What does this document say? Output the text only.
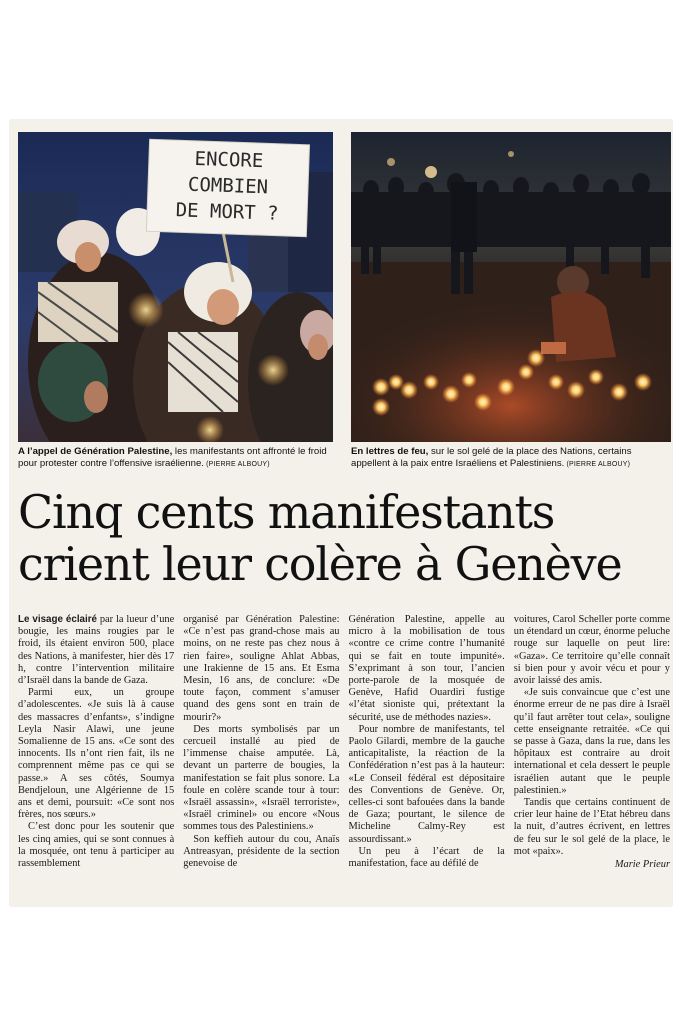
ENCORE
COMBIEN
DE MORT ?
A l’appel de Génération Palestine, les manifestants ont affronté le froid pour protester contre l’offensive israélienne. (PIERRE ALBOUY)
En lettres de feu, sur le sol gelé de la place des Nations, certains appellent à la paix entre Israéliens et Palestiniens. (PIERRE ALBOUY)
Cinq cents manifestants
crient leur colère à Genève

Le visage éclairé par la lueur d’une bougie, les mains rougies par le froid, ils étaient environ 500, place des Nations, à manifester, hier dès 17 h, contre l’intervention militaire d’Israël dans la bande de Gaza.

Parmi eux, un groupe d’adolescentes. «Je suis là à cause des massacres d’enfants», s’indigne Leyla Nasir Alawi, une jeune Somalienne de 15 ans. «Ce sont des innocents. Ils n’ont rien fait, ils ne comprennent même pas ce qui se passe.» A ses côtés, Soumya Bendjeloun, une Algérienne de 15 ans et demi, poursuit: «Ce sont nos frères, nos sœurs.»

C’est donc pour les soutenir que les cinq amies, qui se sont connues à la mosquée, ont tenu à participer au rassemblement

organisé par Génération Palestine: «Ce n’est pas grand-chose mais au moins, on ne reste pas chez nous à rien faire», souligne Ahlat Abbas, une Irakienne de 15 ans. Et Esma Mesin, 16 ans, de conclure: «De toute façon, comment s’amuser quand des gens sont en train de mourir?»

Des morts symbolisés par un cercueil installé au pied de l’immense chaise amputée. Là, devant un parterre de bougies, la manifestation se fait plus sonore. La foule en colère scande tour à tour: «Israël assassin», «Israël terroriste», «Israël criminel» ou encore «Nous sommes tous des Palestiniens.»

Son keffieh autour du cou, Anaïs Antreasyan, présidente de la section genevoise de

Génération Palestine, appelle au micro à la mobilisation de tous «contre ce crime contre l’humanité qui se fait en toute impunité». S’exprimant à son tour, l’ancien porte-parole de la mosquée de Genève, Hafid Ouardiri fustige «l’état sioniste qui, prétextant la sécurité, use de méthodes nazies».

Pour nombre de manifestants, tel Paolo Gilardi, membre de la gauche anticapitaliste, la réaction de la Confédération n’est pas à la hauteur: «Le Conseil fédéral est dépositaire des Conventions de Genève. Or, celles-ci sont bafouées dans la bande de Gaza; pourtant, le silence de Micheline Calmy-Rey est assourdissant.»

Un peu à l’écart de la manifestation, face au défilé de

voitures, Carol Scheller porte comme un étendard un cœur, énorme peluche rouge sur laquelle on peut lire: «Gaza». Ce territoire qu’elle connaît si bien pour y avoir vécu et pour y avoir laissé des amis.

«Je suis convaincue que c’est une énorme erreur de ne pas dire à Israël qu’il faut arrêter tout cela», souligne cette enseignante retraitée. «Ce qui se passe à Gaza, dans la rue, dans les hôpitaux est contraire au droit international et cela dessert le peuple israélien autant que le peuple palestinien.»

Tandis que certains continuent de crier leur haine de l’Etat hébreu dans la nuit, d’autres écrivent, en lettres de feu sur le sol gelé de la place, le mot «paix».

Marie Prieur
